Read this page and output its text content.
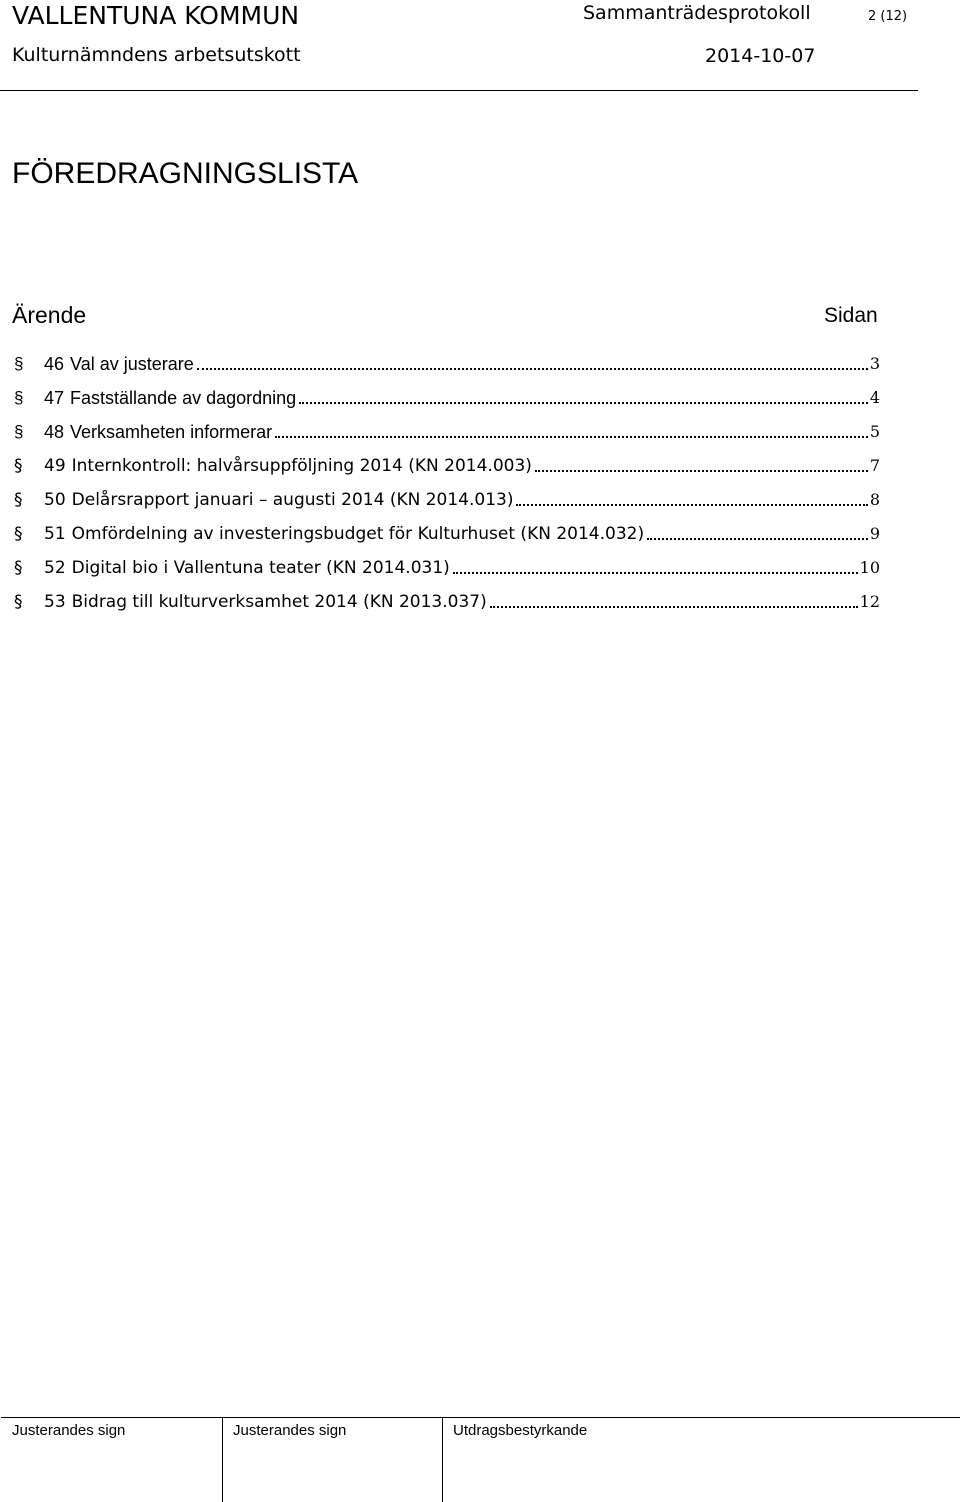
VALLENTUNA KOMMUN	Sammanträdesprotokoll	2 (12)
Kulturnämndens arbetsutskott	2014-10-07
FÖREDRAGNINGSLISTA
Ärende	Sidan
§	46 Val av justerare	3
§	47 Fastställande av dagordning	4
§	48 Verksamheten informerar	5
§	49 Internkontroll: halvårsuppföljning 2014 (KN 2014.003)	7
§	50 Delårsrapport januari – augusti 2014 (KN 2014.013)	8
§	51 Omfördelning av investeringsbudget för Kulturhuset (KN 2014.032)	9
§	52 Digital bio i Vallentuna teater (KN 2014.031)	10
§	53 Bidrag till kulturverksamhet 2014 (KN 2013.037)	12
Justerandes sign	Justerandes sign	Utdragsbestyrkande
